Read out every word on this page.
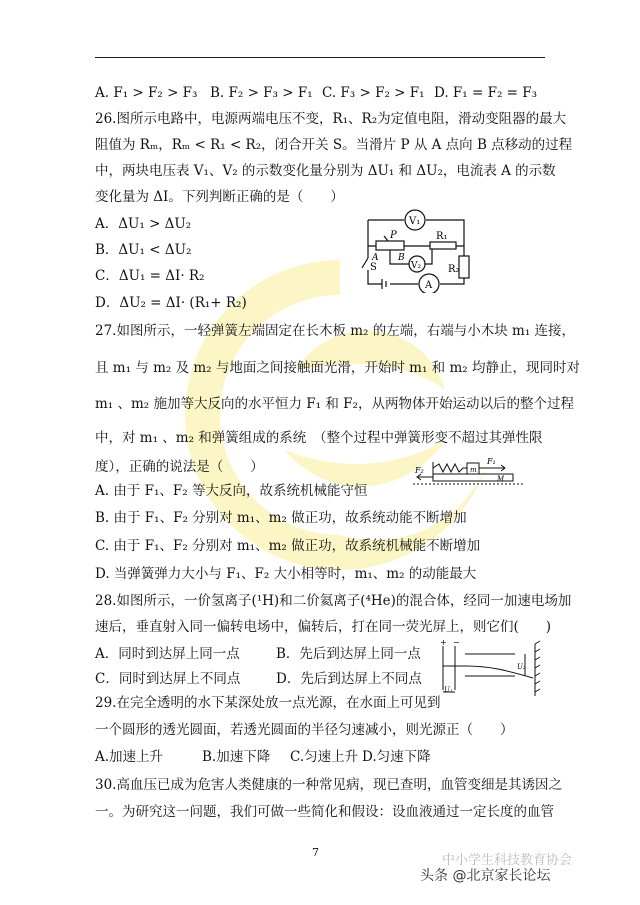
A. F₁ > F₂ > F₃ B. F₂ > F₃ > F₁ C. F₃ > F₂ > F₁ D. F₁ = F₂ = F₃
26.图所示电路中，电源两端电压不变，R₁、R₂为定值电阻，滑动变阻器的最大
阻值为 Rₘ，Rₘ < R₁ < R₂，闭合开关 S。当滑片 P 从 A 点向 B 点移动的过程
中，两块电压表 V₁、V₂ 的示数变化量分别为 ΔU₁ 和 ΔU₂，电流表 A 的示数
变化量为 ΔI。下列判断正确的是（　　）
A．ΔU₁ > ΔU₂
B．ΔU₁ < ΔU₂
C．ΔU₁ = ΔI· R₂
D．ΔU₂ = ΔI· (R₁+ R₂)
V₁
V₂
A
R₁
R₂
S
P
A B
27.如图所示，一轻弹簧左端固定在长木板 m₂ 的左端，右端与小木块 m₁ 连接，
且 m₁ 与 m₂ 及 m₂ 与地面之间接触面光滑，开始时 m₁ 和 m₂ 均静止，现同时对
m₁ 、m₂ 施加等大反向的水平恒力 F₁ 和 F₂，从两物体开始运动以后的整个过程
中，对 m₁ 、m₂ 和弹簧组成的系统　（整个过程中弹簧形变不超过其弹性限
度），正确的说法是（　　）
A. 由于 F₁、F₂ 等大反向，故系统机械能守恒
B. 由于 F₁、F₂ 分别对 m₁、m₂ 做正功，故系统动能不断增加
C. 由于 F₁、F₂ 分别对 m₁、m₂ 做正功，故系统机械能不断增加
D. 当弹簧弹力大小与 F₁、F₂ 大小相等时，m₁、m₂ 的动能最大
F₂
F₁
m
M
28.如图所示，一价氢离子(¹H)和二价氦离子(⁴He)的混合体，经同一加速电场加
速后，垂直射入同一偏转电场中，偏转后，打在同一荧光屏上，则它们(　　)
A．同时到达屏上同一点	B．先后到达屏上同一点
C．同时到达屏上不同点	D．先后到达屏上不同点
+ −
U₁
U₂
29.在完全透明的水下某深处放一点光源，在水面上可见到
一个圆形的透光圆面，若透光圆面的半径匀速减小，则光源正（　　）
A.加速上升	B.加速下降 C.匀速上升 D.匀速下降
30.高血压已成为危害人类健康的一种常见病，现已查明，血管变细是其诱因之
一。为研究这一问题，我们可做一些简化和假设：设血液通过一定长度的血管
7
中小学生科技教育协会
头条 @北京家长论坛
